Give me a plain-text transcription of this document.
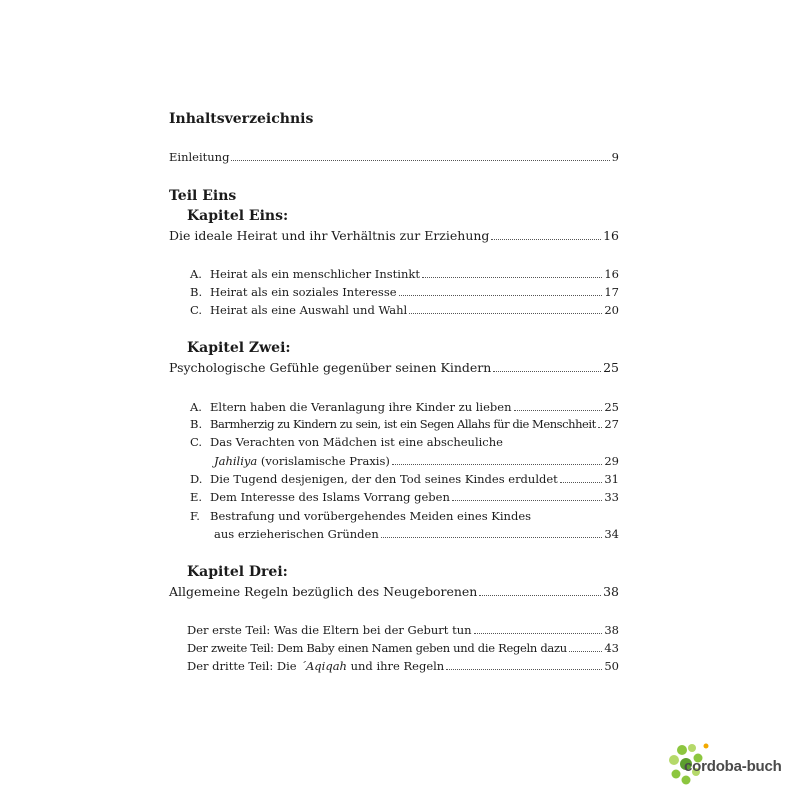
Inhaltsverzeichnis
Einleitung	9
Teil Eins
Kapitel Eins:
Die ideale Heirat und ihr Verhältnis zur Erziehung	16
A. Heirat als ein menschlicher Instinkt	16
B. Heirat als ein soziales Interesse	17
C. Heirat als eine Auswahl und Wahl	20
Kapitel Zwei:
Psychologische Gefühle gegenüber seinen Kindern	25
A. Eltern haben die Veranlagung ihre Kinder zu lieben	25
B. Barmherzig zu Kindern zu sein, ist ein Segen Allahs für die Menschheit 27
C. Das Verachten von Mädchen ist eine abscheuliche
Jahiliya (vorislamische Praxis)	29
D. Die Tugend desjenigen, der den Tod seines Kindes erduldet	31
E. Dem Interesse des Islams Vorrang geben	33
F. Bestrafung und vorübergehendes Meiden eines Kindes
aus erzieherischen Gründen	34
Kapitel Drei:
Allgemeine Regeln bezüglich des Neugeborenen	38
Der erste Teil: Was die Eltern bei der Geburt tun	38
Der zweite Teil: Dem Baby einen Namen geben und die Regeln dazu	43
Der dritte Teil: Die ´Aqiqah und ihre Regeln	50
cordoba-buch
